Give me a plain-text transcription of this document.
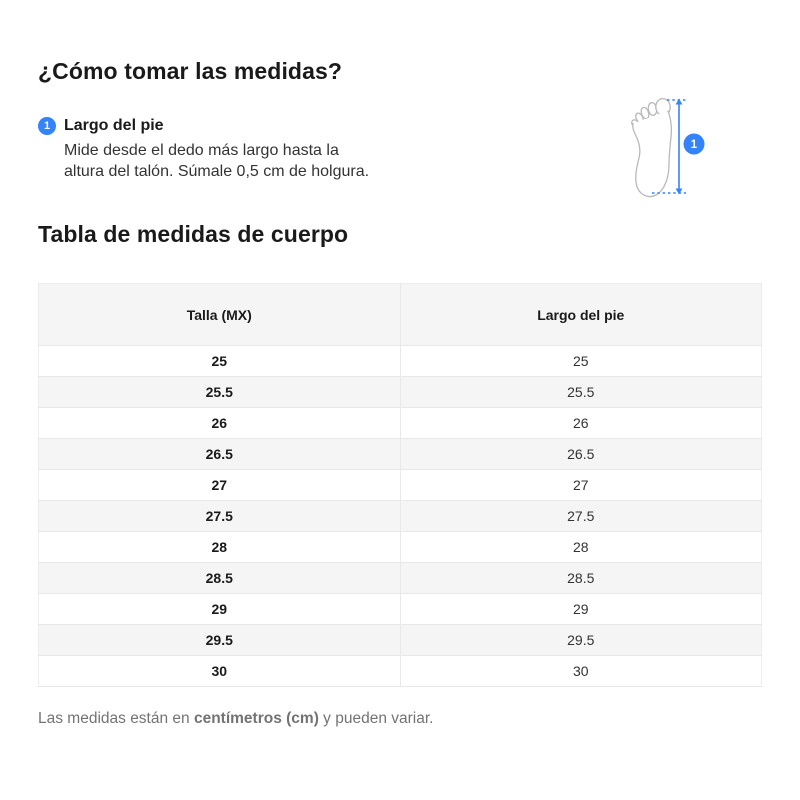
¿Cómo tomar las medidas?
1 Largo del pie
Mide desde el dedo más largo hasta la
altura del talón. Súmale 0,5 cm de holgura.
1
Tabla de medidas de cuerpo
Talla (MX)	Largo del pie
25	25
25.5	25.5
26	26
26.5	26.5
27	27
27.5	27.5
28	28
28.5	28.5
29	29
29.5	29.5
30	30
Las medidas están en centímetros (cm) y pueden variar.
